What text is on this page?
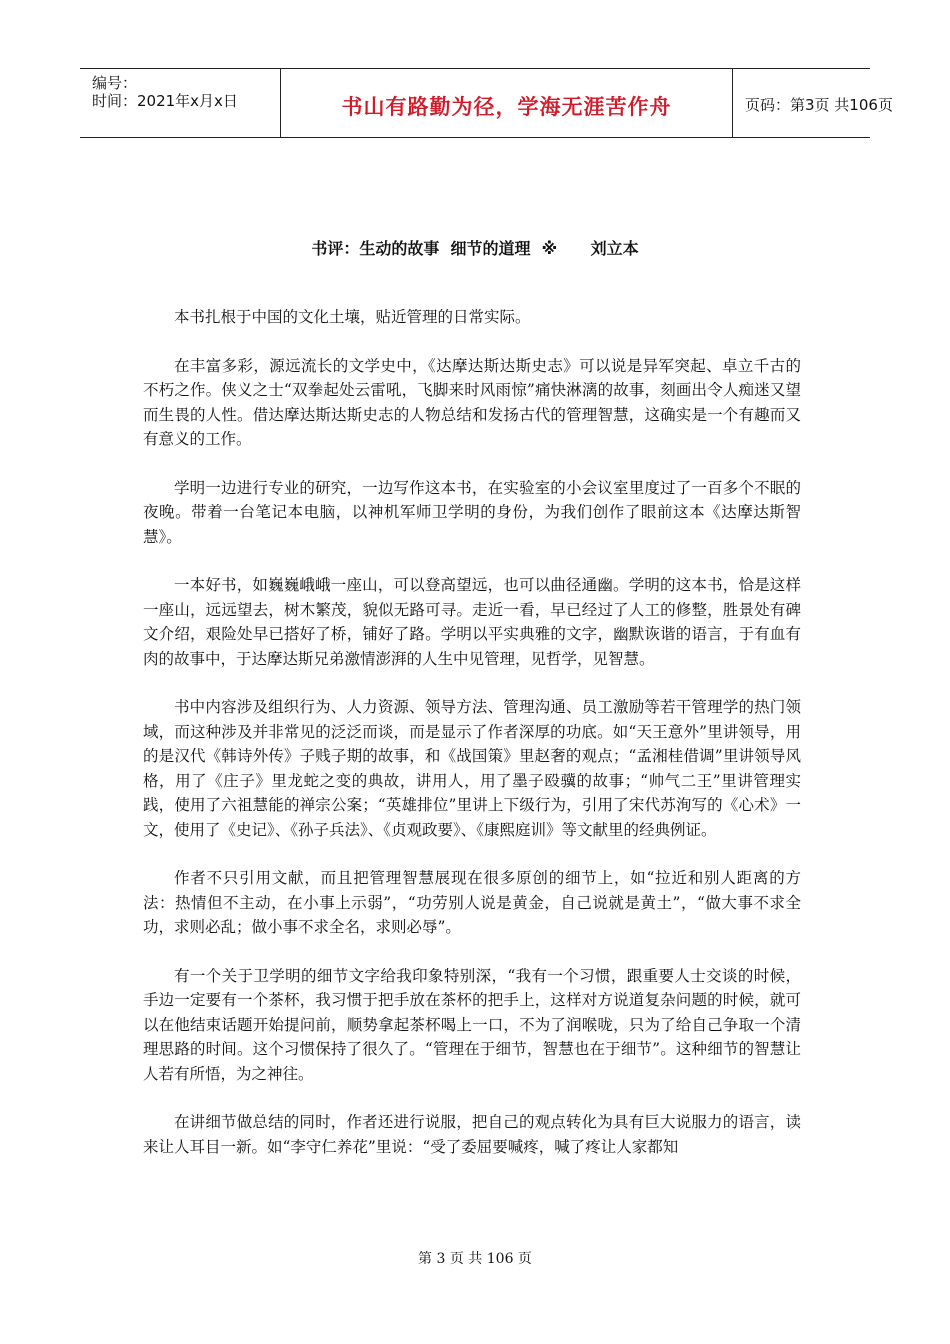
编号：
时间：2021年x月x日	书山有路勤为径，学海无涯苦作舟	页码：第3页 共106页
书评：生动的故事  细节的道理  ※      刘立本

本书扎根于中国的文化土壤，贴近管理的日常实际。

在丰富多彩，源远流长的文学史中，《达摩达斯达斯史志》可以说是异军突起、卓立千古的不朽之作。侠义之士“双拳起处云雷吼，飞脚来时风雨惊”痛快淋漓的故事，刻画出令人痴迷又望而生畏的人性。借达摩达斯达斯史志的人物总结和发扬古代的管理智慧，这确实是一个有趣而又有意义的工作。

学明一边进行专业的研究，一边写作这本书，在实验室的小会议室里度过了一百多个不眠的夜晚。带着一台笔记本电脑，以神机军师卫学明的身份，为我们创作了眼前这本《达摩达斯智慧》。

一本好书，如巍巍峨峨一座山，可以登高望远，也可以曲径通幽。学明的这本书，恰是这样一座山，远远望去，树木繁茂，貌似无路可寻。走近一看，早已经过了人工的修整，胜景处有碑文介绍，艰险处早已搭好了桥，铺好了路。学明以平实典雅的文字，幽默诙谐的语言，于有血有肉的故事中，于达摩达斯兄弟激情澎湃的人生中见管理，见哲学，见智慧。

书中内容涉及组织行为、人力资源、领导方法、管理沟通、员工激励等若干管理学的热门领域，而这种涉及并非常见的泛泛而谈，而是显示了作者深厚的功底。如“天王意外”里讲领导，用的是汉代《韩诗外传》子贱子期的故事，和《战国策》里赵奢的观点；“孟湘桂借调”里讲领导风格，用了《庄子》里龙蛇之变的典故，讲用人，用了墨子殴骥的故事；“帅气二王”里讲管理实践，使用了六祖慧能的禅宗公案；“英雄排位”里讲上下级行为，引用了宋代苏洵写的《心术》一文，使用了《史记》、《孙子兵法》、《贞观政要》、《康熙庭训》等文献里的经典例证。

作者不只引用文献，而且把管理智慧展现在很多原创的细节上，如“拉近和别人距离的方法：热情但不主动，在小事上示弱”，“功劳别人说是黄金，自己说就是黄土”，“做大事不求全功，求则必乱；做小事不求全名，求则必辱”。

有一个关于卫学明的细节文字给我印象特别深，“我有一个习惯，跟重要人士交谈的时候，手边一定要有一个茶杯，我习惯于把手放在茶杯的把手上，这样对方说道复杂问题的时候，就可以在他结束话题开始提问前，顺势拿起茶杯喝上一口，不为了润喉咙，只为了给自己争取一个清理思路的时间。这个习惯保持了很久了。“管理在于细节，智慧也在于细节”。这种细节的智慧让人若有所悟，为之神往。

在讲细节做总结的同时，作者还进行说服，把自己的观点转化为具有巨大说服力的语言，读来让人耳目一新。如“李守仁养花”里说：“受了委屈要喊疼，喊了疼让人家都知

第 3 页 共 106 页
